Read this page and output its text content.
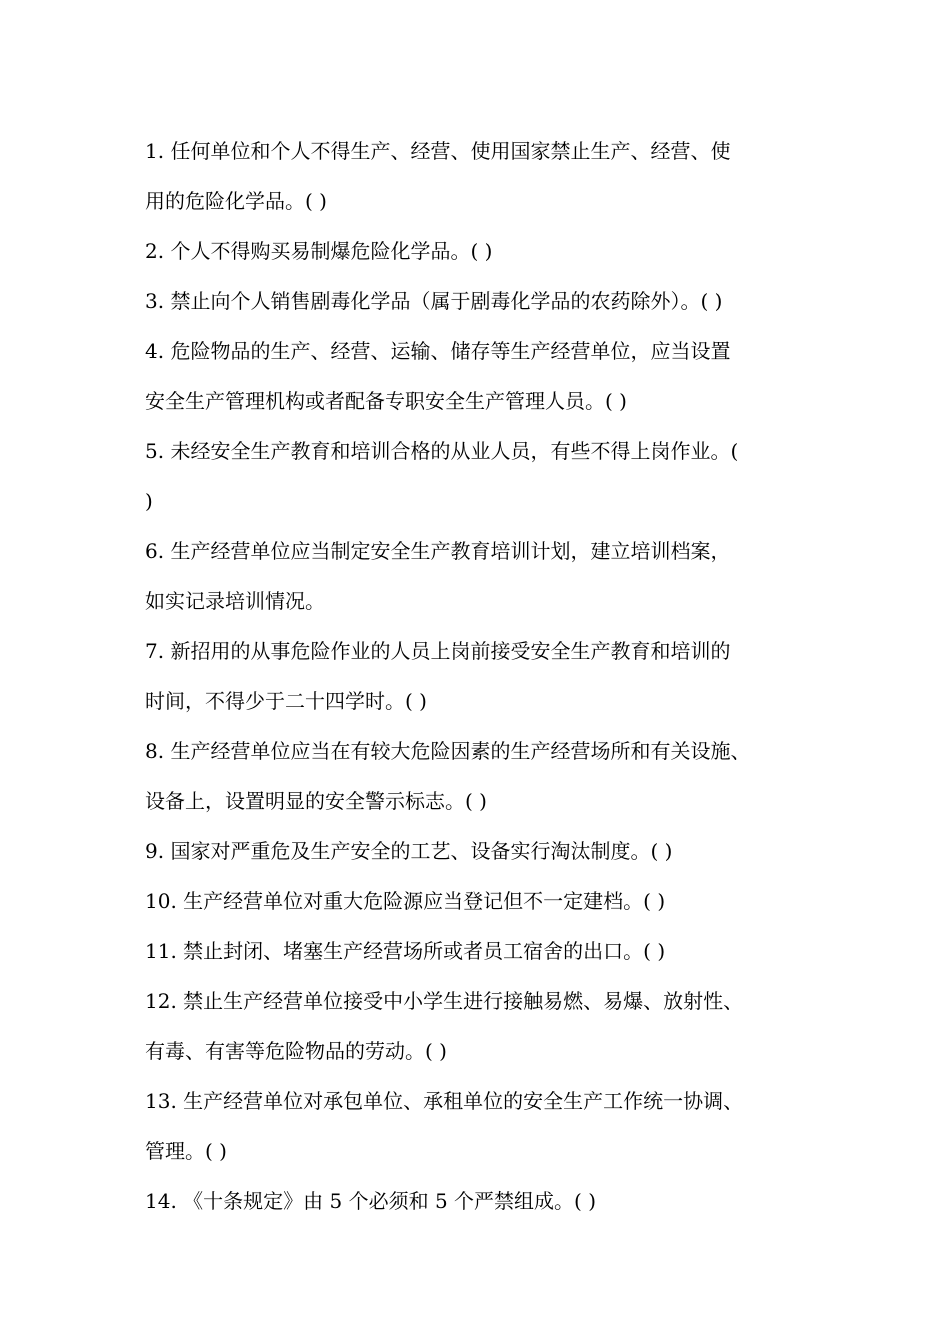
1. 任何单位和个人不得生产、经营、使用国家禁止生产、经营、使
用的危险化学品。( )
2. 个人不得购买易制爆危险化学品。( )
3. 禁止向个人销售剧毒化学品（属于剧毒化学品的农药除外）。( )
4. 危险物品的生产、经营、运输、储存等生产经营单位，应当设置
安全生产管理机构或者配备专职安全生产管理人员。( )
5. 未经安全生产教育和培训合格的从业人员，有些不得上岗作业。(
)
6. 生产经营单位应当制定安全生产教育培训计划，建立培训档案，
如实记录培训情况。
7. 新招用的从事危险作业的人员上岗前接受安全生产教育和培训的
时间，不得少于二十四学时。( )
8. 生产经营单位应当在有较大危险因素的生产经营场所和有关设施、
设备上，设置明显的安全警示标志。( )
9. 国家对严重危及生产安全的工艺、设备实行淘汰制度。( )
10. 生产经营单位对重大危险源应当登记但不一定建档。( )
11. 禁止封闭、堵塞生产经营场所或者员工宿舍的出口。( )
12. 禁止生产经营单位接受中小学生进行接触易燃、易爆、放射性、
有毒、有害等危险物品的劳动。( )
13. 生产经营单位对承包单位、承租单位的安全生产工作统一协调、
管理。( )
14. 《十条规定》由 5 个必须和 5 个严禁组成。( )
